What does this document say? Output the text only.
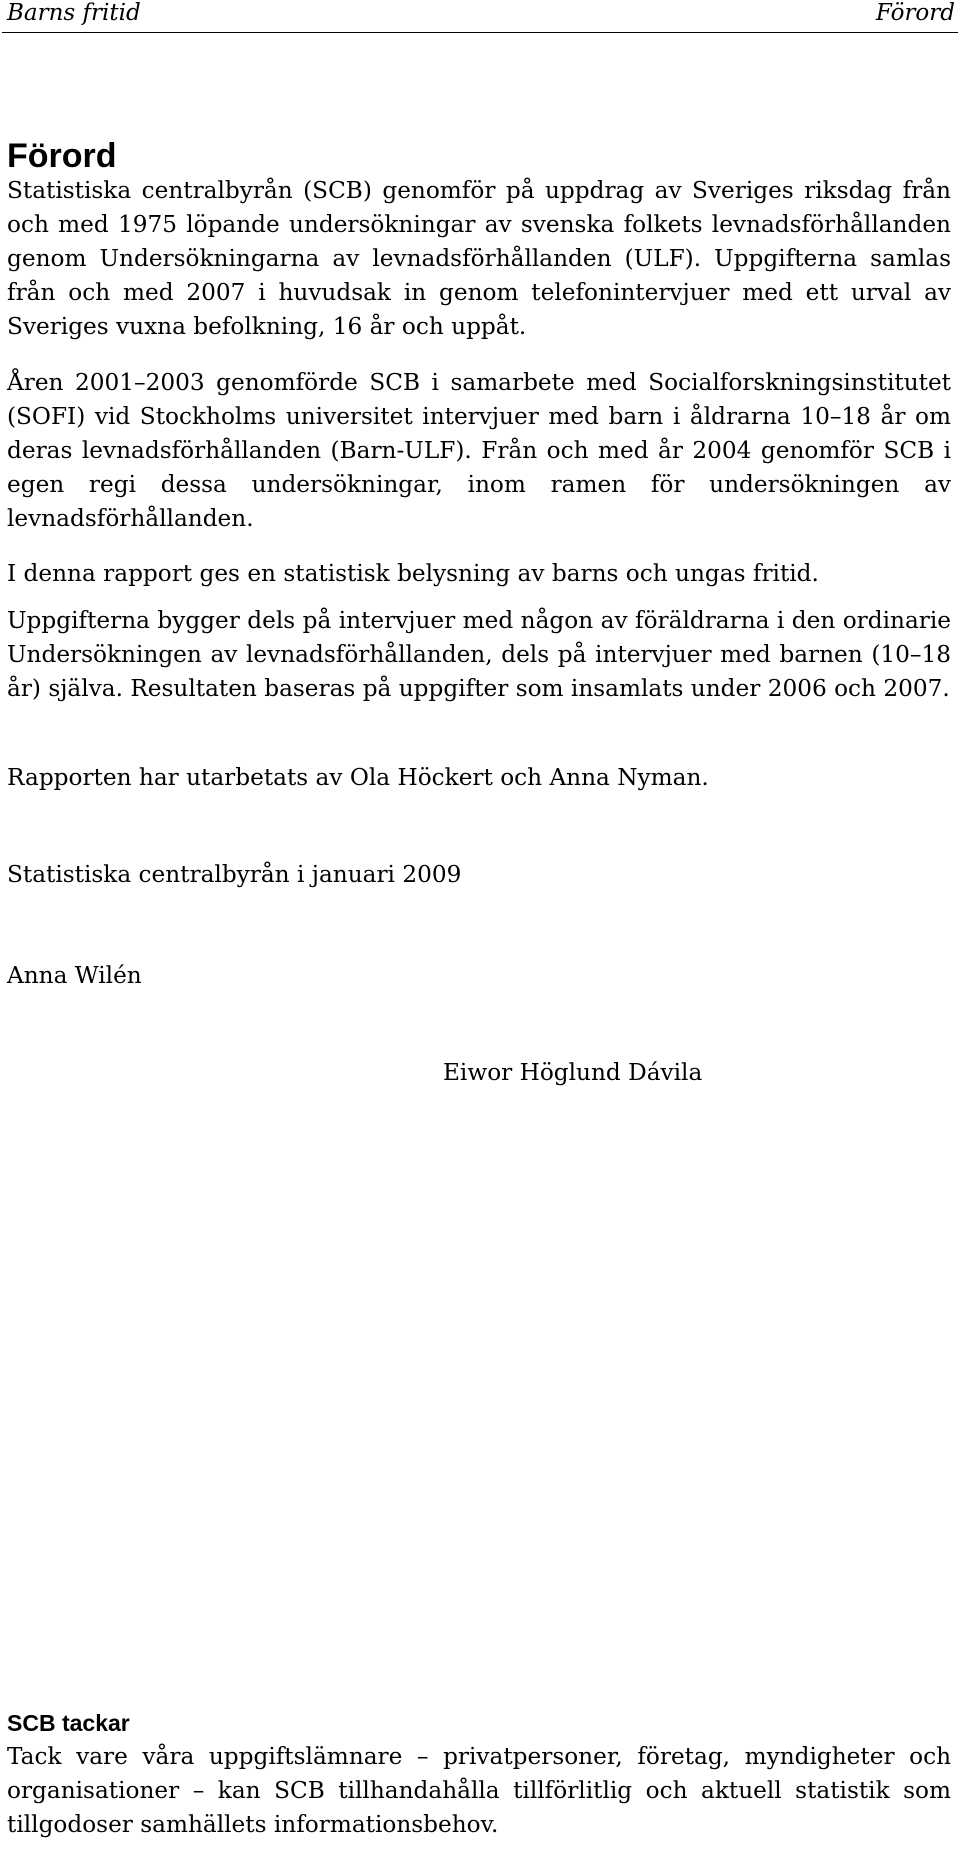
Barns fritid	Förord
Förord

Statistiska centralbyrån (SCB) genomför på uppdrag av Sveriges riksdag från och med 1975 löpande undersökningar av svenska folkets levnadsförhållanden genom Undersökningarna av levnadsförhållanden (ULF). Uppgifterna samlas från och med 2007 i huvudsak in genom telefonintervjuer med ett urval av Sveriges vuxna befolkning, 16 år och uppåt.

Åren 2001–2003 genomförde SCB i samarbete med Socialforskningsinstitutet (SOFI) vid Stockholms universitet intervjuer med barn i åldrarna 10–18 år om deras levnadsförhållanden (Barn-ULF). Från och med år 2004 genomför SCB i egen regi dessa undersökningar, inom ramen för undersökningen av levnadsförhållanden.

I denna rapport ges en statistisk belysning av barns och ungas fritid.

Uppgifterna bygger dels på intervjuer med någon av föräldrarna i den ordinarie Undersökningen av levnadsförhållanden, dels på intervjuer med barnen (10–18 år) själva. Resultaten baseras på uppgifter som insamlats under 2006 och 2007.

Rapporten har utarbetats av Ola Höckert och Anna Nyman.

Statistiska centralbyrån i januari 2009

Anna Wilén

Eiwor Höglund Dávila

SCB tackar

Tack vare våra uppgiftslämnare – privatpersoner, företag, myndigheter och organisationer – kan SCB tillhandahålla tillförlitlig och aktuell statistik som tillgodoser samhällets informationsbehov.
